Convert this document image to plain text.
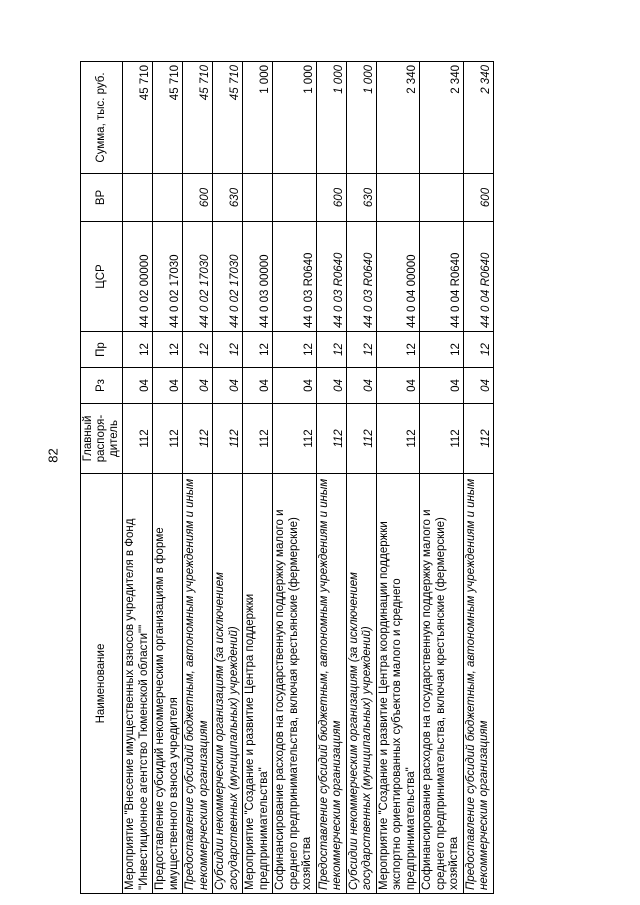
82
Наименование	Главный распоря-дитель	Рз	Пр	ЦСР	ВР	Сумма, тыс. руб.
Мероприятие "Внесение имущественных взносов учредителя в Фонд "Инвестиционное агентство Тюменской области""	112	04	12	44 0 02 00000		45 710
Предоставление субсидий некоммерческим организациям в форме имущественного взноса учредителя	112	04	12	44 0 02 17030		45 710
Предоставление субсидий бюджетным, автономным учреждениям и иным некоммерческим организациям	112	04	12	44 0 02 17030	600	45 710
Субсидии некоммерческим организациям (за исключением государственных (муниципальных) учреждений)	112	04	12	44 0 02 17030	630	45 710
Мероприятие "Создание и развитие Центра поддержки предпринимательства"	112	04	12	44 0 03 00000		1 000
Софинансирование расходов на государственную поддержку малого и среднего предпринимательства, включая крестьянские (фермерские) хозяйства	112	04	12	44 0 03 R0640		1 000
Предоставление субсидий бюджетным, автономным учреждениям и иным некоммерческим организациям	112	04	12	44 0 03 R0640	600	1 000
Субсидии некоммерческим организациям (за исключением государственных (муниципальных) учреждений)	112	04	12	44 0 03 R0640	630	1 000
Мероприятие "Создание и развитие Центра координации поддержки экспортно ориентированных субъектов малого и среднего предпринимательства"	112	04	12	44 0 04 00000		2 340
Софинансирование расходов на государственную поддержку малого и среднего предпринимательства, включая крестьянские (фермерские) хозяйства	112	04	12	44 0 04 R0640		2 340
Предоставление субсидий бюджетным, автономным учреждениям и иным некоммерческим организациям	112	04	12	44 0 04 R0640	600	2 340
